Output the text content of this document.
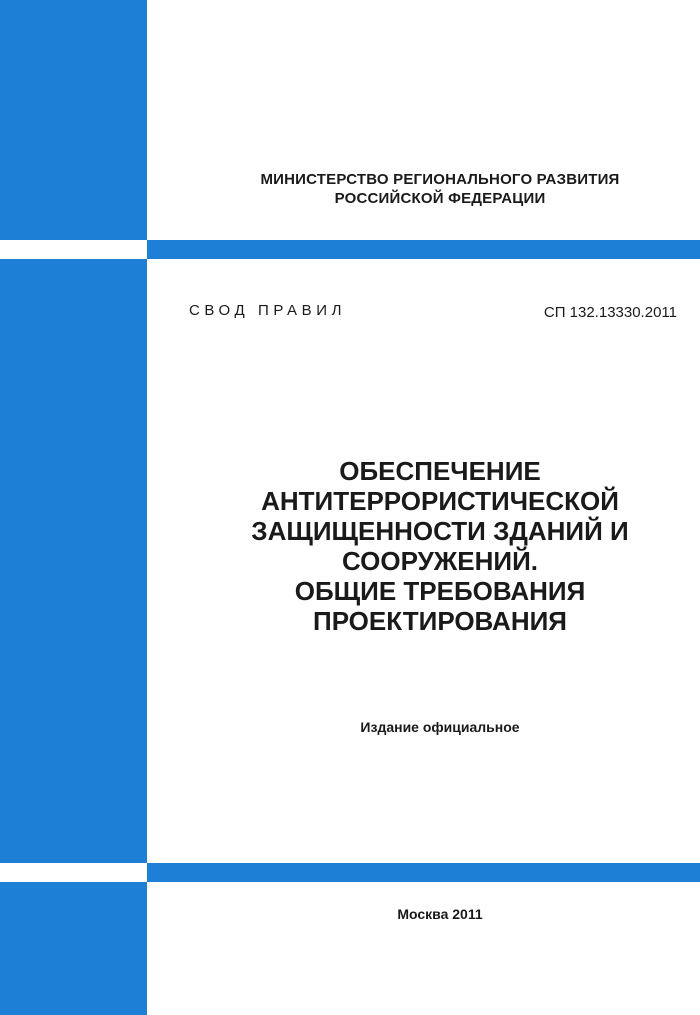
МИНИСТЕРСТВО РЕГИОНАЛЬНОГО РАЗВИТИЯ
РОССИЙСКОЙ ФЕДЕРАЦИИ
СВОД ПРАВИЛ	СП 132.13330.2011
ОБЕСПЕЧЕНИЕ
АНТИТЕРРОРИСТИЧЕСКОЙ
ЗАЩИЩЕННОСТИ ЗДАНИЙ И
СООРУЖЕНИЙ.
ОБЩИЕ ТРЕБОВАНИЯ
ПРОЕКТИРОВАНИЯ
Издание официальное
Москва 2011
